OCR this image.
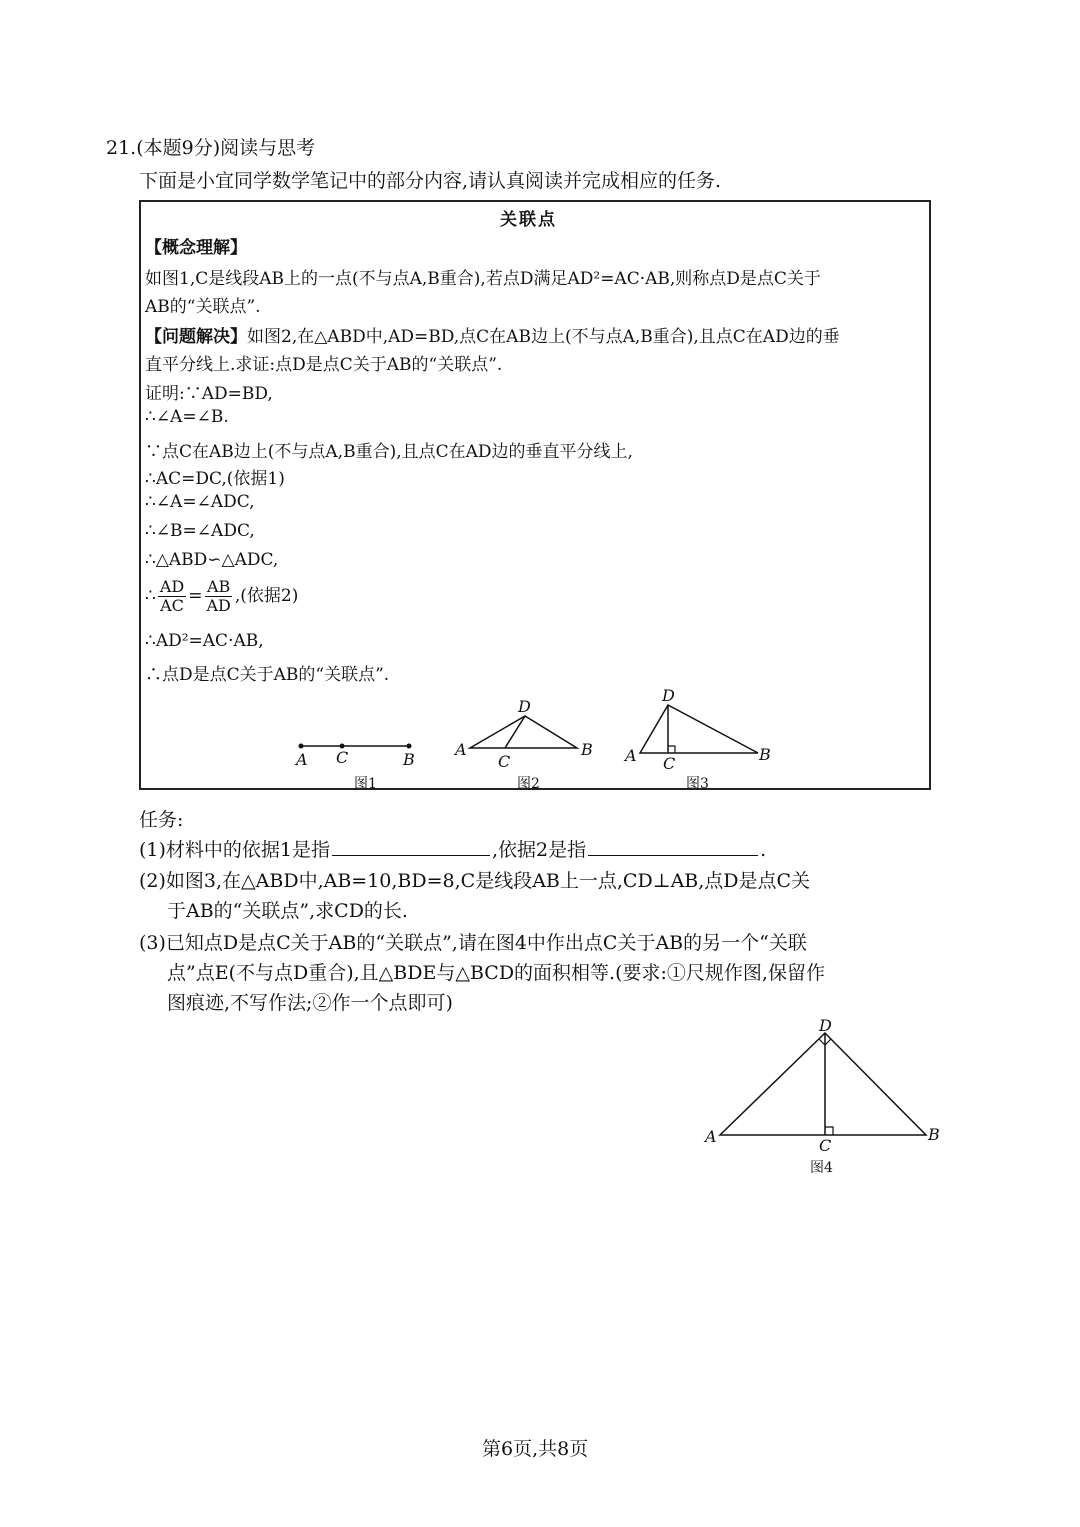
21.(本题9分)阅读与思考
下面是小宜同学数学笔记中的部分内容,请认真阅读并完成相应的任务.
关联点
【概念理解】
如图1,C是线段AB上的一点(不与点A,B重合),若点D满足AD²=AC·AB,则称点D是点C关于
AB的“关联点”.
【问题解决】如图2,在△ABD中,AD=BD,点C在AB边上(不与点A,B重合),且点C在AD边的垂
直平分线上.求证:点D是点C关于AB的“关联点”.
证明:∵AD=BD,
∴∠A=∠B.
∵点C在AB边上(不与点A,B重合),且点C在AD边的垂直平分线上,
∴AC=DC,(依据1)
∴∠A=∠ADC,
∴∠B=∠ADC,
∴△ABD∽△ADC,
∴ $\frac{AD}{AC} = \frac{AB}{AD}$ ,(依据2)
∴AD²=AC·AB,
∴点D是点C关于AB的“关联点”.
A C	B
A	B
C
D
A	B
C
D
A	B
C
D
图1	图2	图3
图4
任务:
(1)材料中的依据1是指	,依据2是指	.
(2)如图3,在△ABD中,AB=10,BD=8,C是线段AB上一点,CD⊥AB,点D是点C关
于AB的“关联点”,求CD的长.
(3)已知点D是点C关于AB的“关联点”,请在图4中作出点C关于AB的另一个“关联
点”点E(不与点D重合),且△BDE与△BCD的面积相等.(要求:①尺规作图,保留作
图痕迹,不写作法;②作一个点即可)
第6页,共8页
